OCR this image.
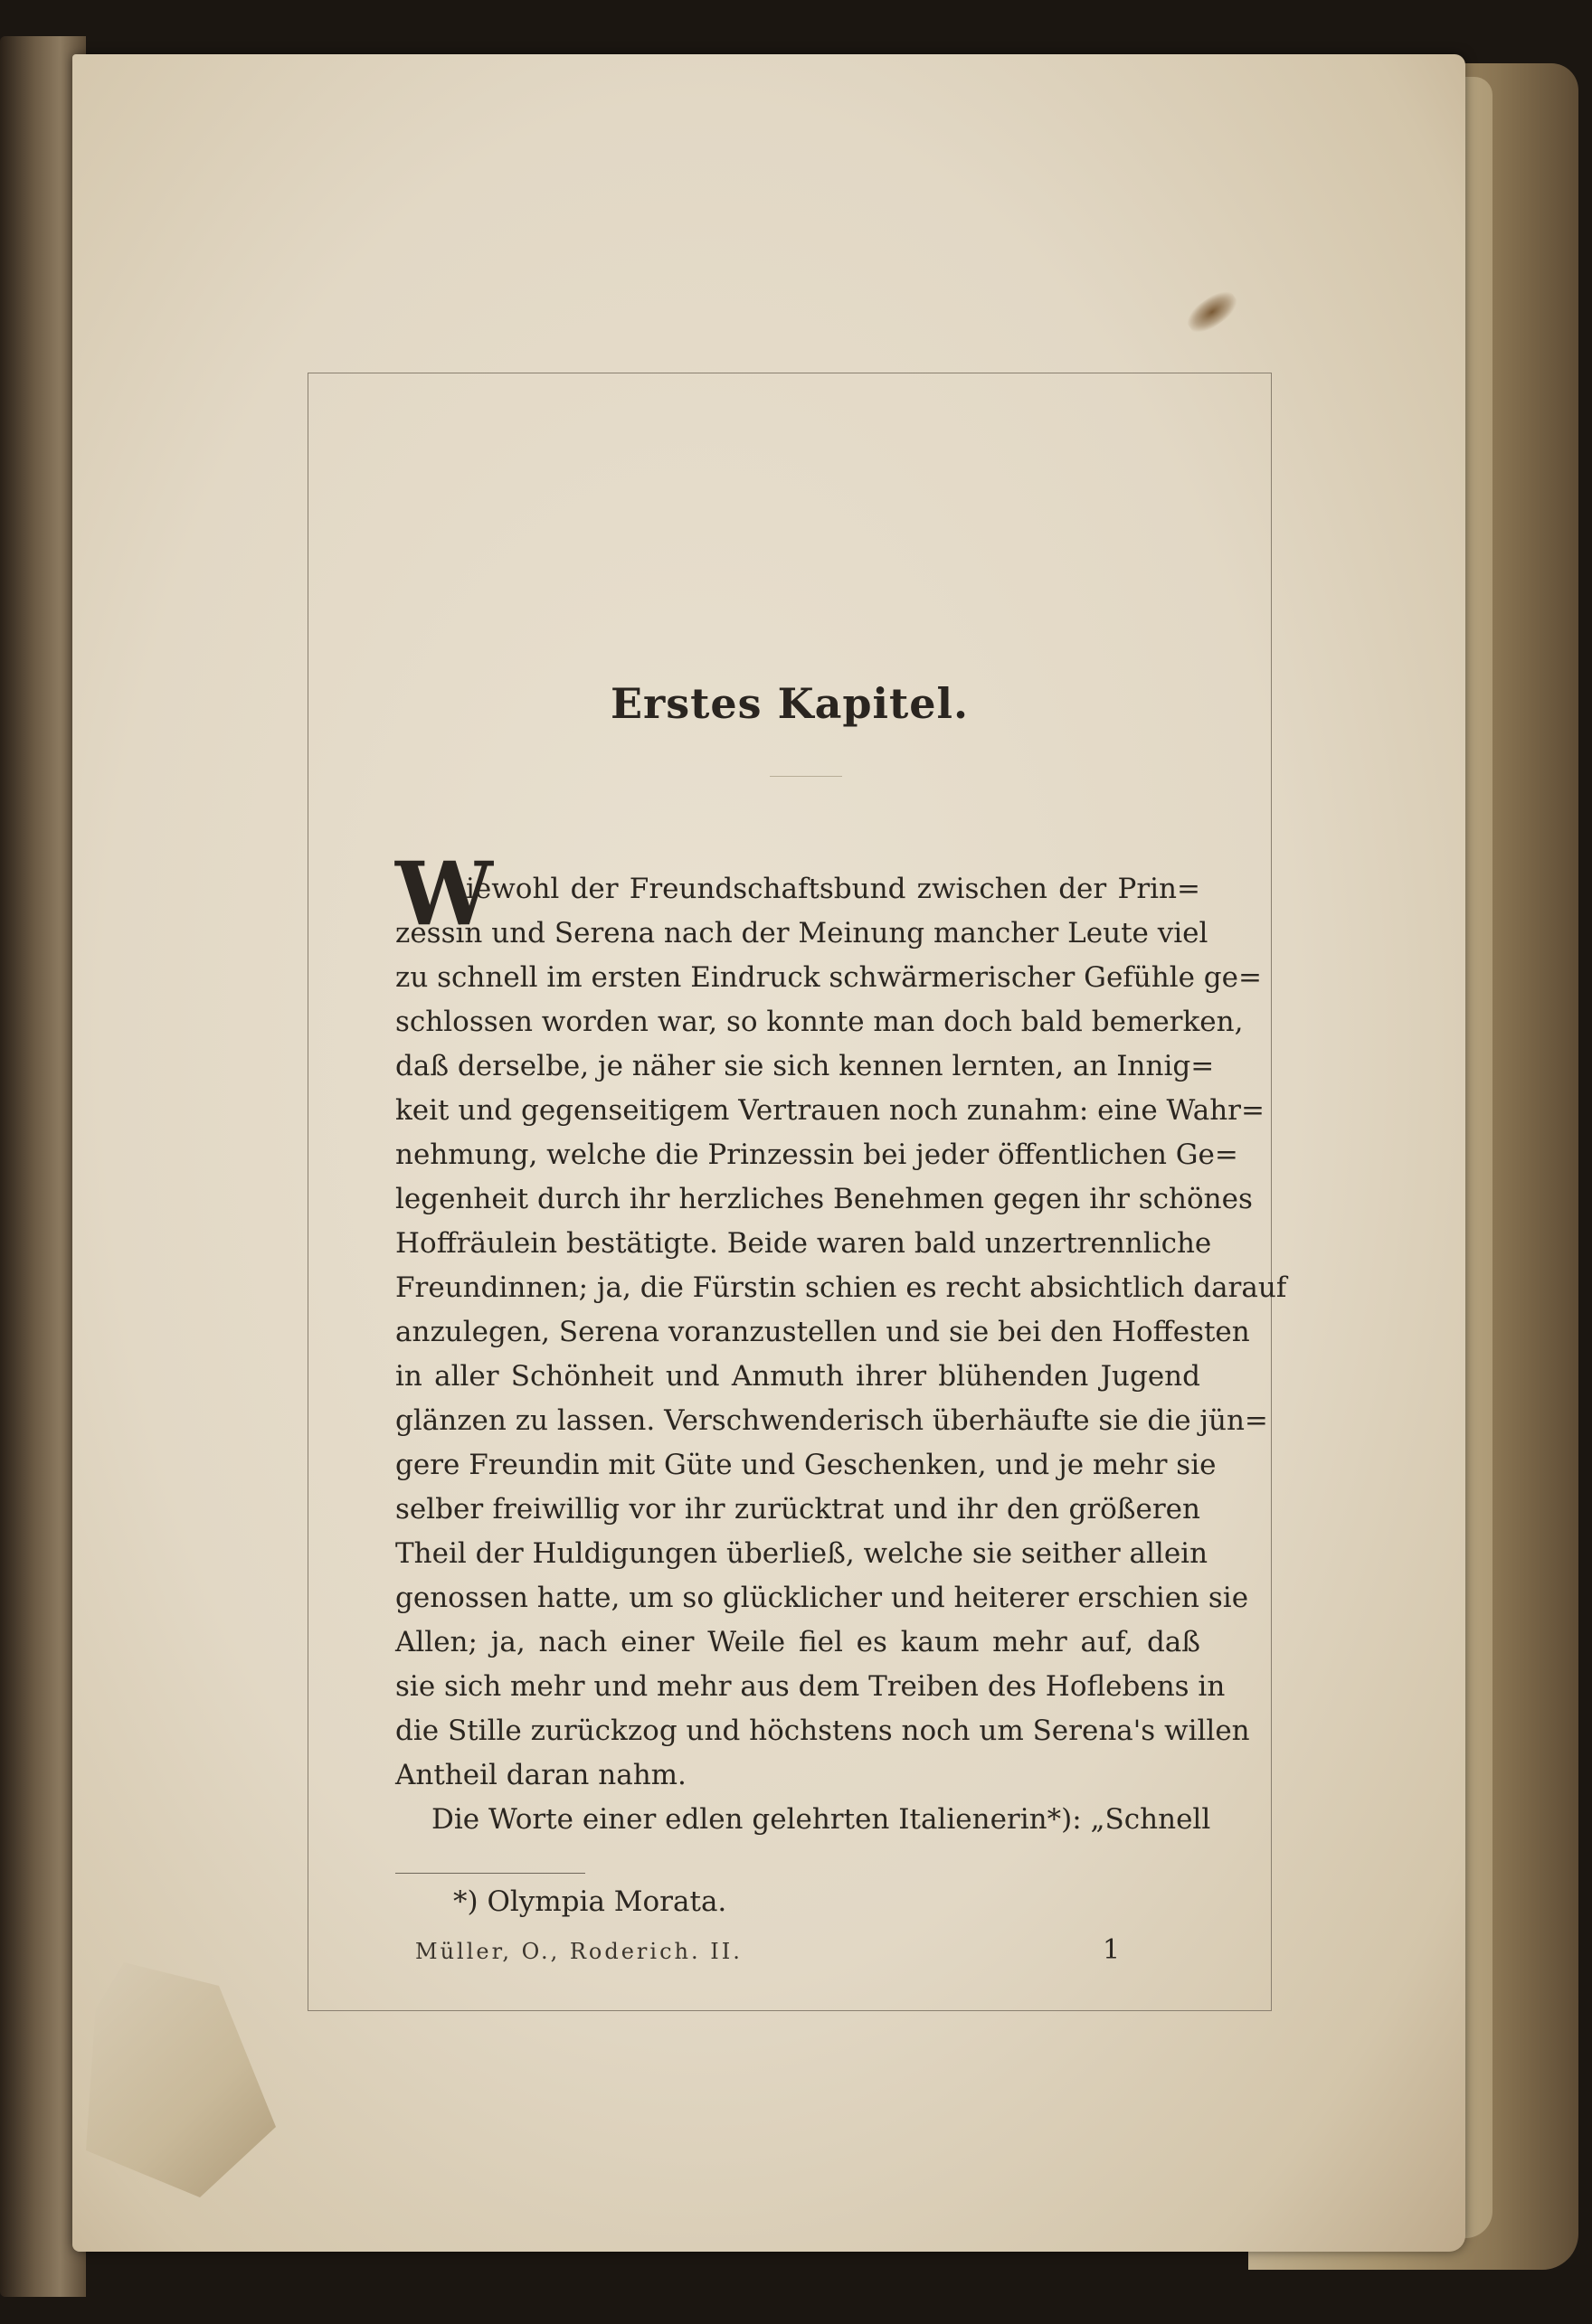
Erstes Kapitel.
W
iewohl der Freundschaftsbund zwischen der Prin=
zessin und Serena nach der Meinung mancher Leute viel
zu schnell im ersten Eindruck schwärmerischer Gefühle ge=
schlossen worden war, so konnte man doch bald bemerken,
daß derselbe, je näher sie sich kennen lernten, an Innig=
keit und gegenseitigem Vertrauen noch zunahm: eine Wahr=
nehmung, welche die Prinzessin bei jeder öffentlichen Ge=
legenheit durch ihr herzliches Benehmen gegen ihr schönes
Hoffräulein bestätigte. Beide waren bald unzertrennliche
Freundinnen; ja, die Fürstin schien es recht absichtlich darauf
anzulegen, Serena voranzustellen und sie bei den Hoffesten
in aller Schönheit und Anmuth ihrer blühenden Jugend
glänzen zu lassen. Verschwenderisch überhäufte sie die jün=
gere Freundin mit Güte und Geschenken, und je mehr sie
selber freiwillig vor ihr zurücktrat und ihr den größeren
Theil der Huldigungen überließ, welche sie seither allein
genossen hatte, um so glücklicher und heiterer erschien sie
Allen; ja, nach einer Weile fiel es kaum mehr auf, daß
sie sich mehr und mehr aus dem Treiben des Hoflebens in
die Stille zurückzog und höchstens noch um Serena's willen
Antheil daran nahm.
Die Worte einer edlen gelehrten Italienerin*): „Schnell
*) Olympia Morata.
Müller, O., Roderich. II.	1
